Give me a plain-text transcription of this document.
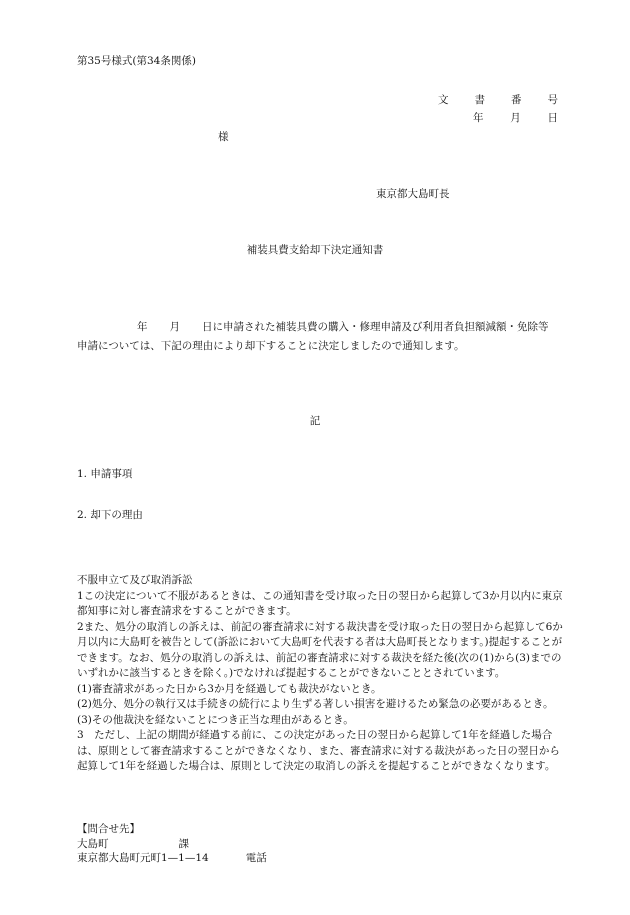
第35号様式(第34条関係)
文 書 番 号
年	月	日
様
東京都大島町長
補装具費支給却下決定通知書
年 月 日に申請された補装具費の購入・修理申請及び利用者負担額減額・免除等申請については、下記の理由により却下することに決定しましたので通知します。
記
1. 申請事項
2. 却下の理由

不服申立て及び取消訴訟

1この決定について不服があるときは、この通知書を受け取った日の翌日から起算して3か月以内に東京都知事に対し審査請求をすることができます。

2また、処分の取消しの訴えは、前記の審査請求に対する裁決書を受け取った日の翌日から起算して6か月以内に大島町を被告として(訴訟において大島町を代表する者は大島町長となります。)提起することができます。なお、処分の取消しの訴えは、前記の審査請求に対する裁決を経た後(次の(1)から(3)までのいずれかに該当するときを除く。)でなければ提起することができないこととされています。

(1)審査請求があった日から3か月を経過しても裁決がないとき。

(2)処分、処分の執行又は手続きの続行により生ずる著しい損害を避けるため緊急の必要があるとき。

(3)その他裁決を経ないことにつき正当な理由があるとき。

3　ただし、上記の期間が経過する前に、この決定があった日の翌日から起算して1年を経過した場合は、原則として審査請求することができなくなり、また、審査請求に対する裁決があった日の翌日から起算して1年を経過した場合は、原則として決定の取消しの訴えを提起することができなくなります。

【問合せ先】
大島町	課
東京都大島町元町1—1—14	電話
